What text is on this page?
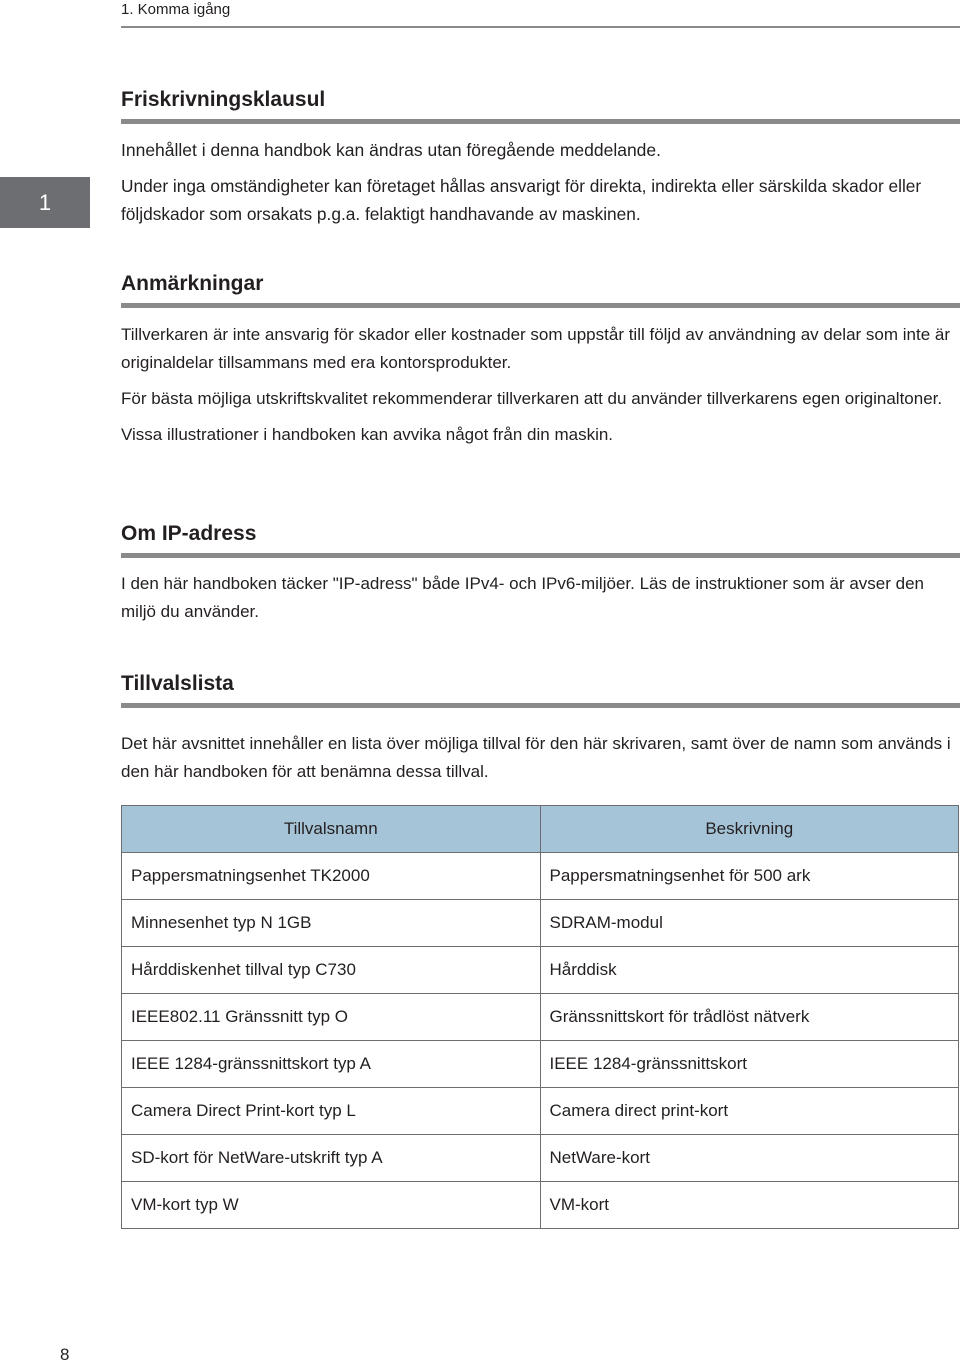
1. Komma igång
1
Friskrivningsklausul

Innehållet i denna handbok kan ändras utan föregående meddelande.

Under inga omständigheter kan företaget hållas ansvarigt för direkta, indirekta eller särskilda skador eller följdskador som orsakats p.g.a. felaktigt handhavande av maskinen.

Anmärkningar

Tillverkaren är inte ansvarig för skador eller kostnader som uppstår till följd av användning av delar som inte är originaldelar tillsammans med era kontorsprodukter.

För bästa möjliga utskriftskvalitet rekommenderar tillverkaren att du använder tillverkarens egen originaltoner.

Vissa illustrationer i handboken kan avvika något från din maskin.

Om IP-adress

I den här handboken täcker "IP-adress" både IPv4- och IPv6-miljöer. Läs de instruktioner som är avser den miljö du använder.

Tillvalslista

Det här avsnittet innehåller en lista över möjliga tillval för den här skrivaren, samt över de namn som används i den här handboken för att benämna dessa tillval.

Tillvalsnamn	Beskrivning
Pappersmatningsenhet TK2000	Pappersmatningsenhet för 500 ark
Minnesenhet typ N 1GB	SDRAM-modul
Hårddiskenhet tillval typ C730	Hårddisk
IEEE802.11 Gränssnitt typ O	Gränssnittskort för trådlöst nätverk
IEEE 1284-gränssnittskort typ A	IEEE 1284-gränssnittskort
Camera Direct Print-kort typ L	Camera direct print-kort
SD-kort för NetWare-utskrift typ A	NetWare-kort
VM-kort typ W	VM-kort
8
